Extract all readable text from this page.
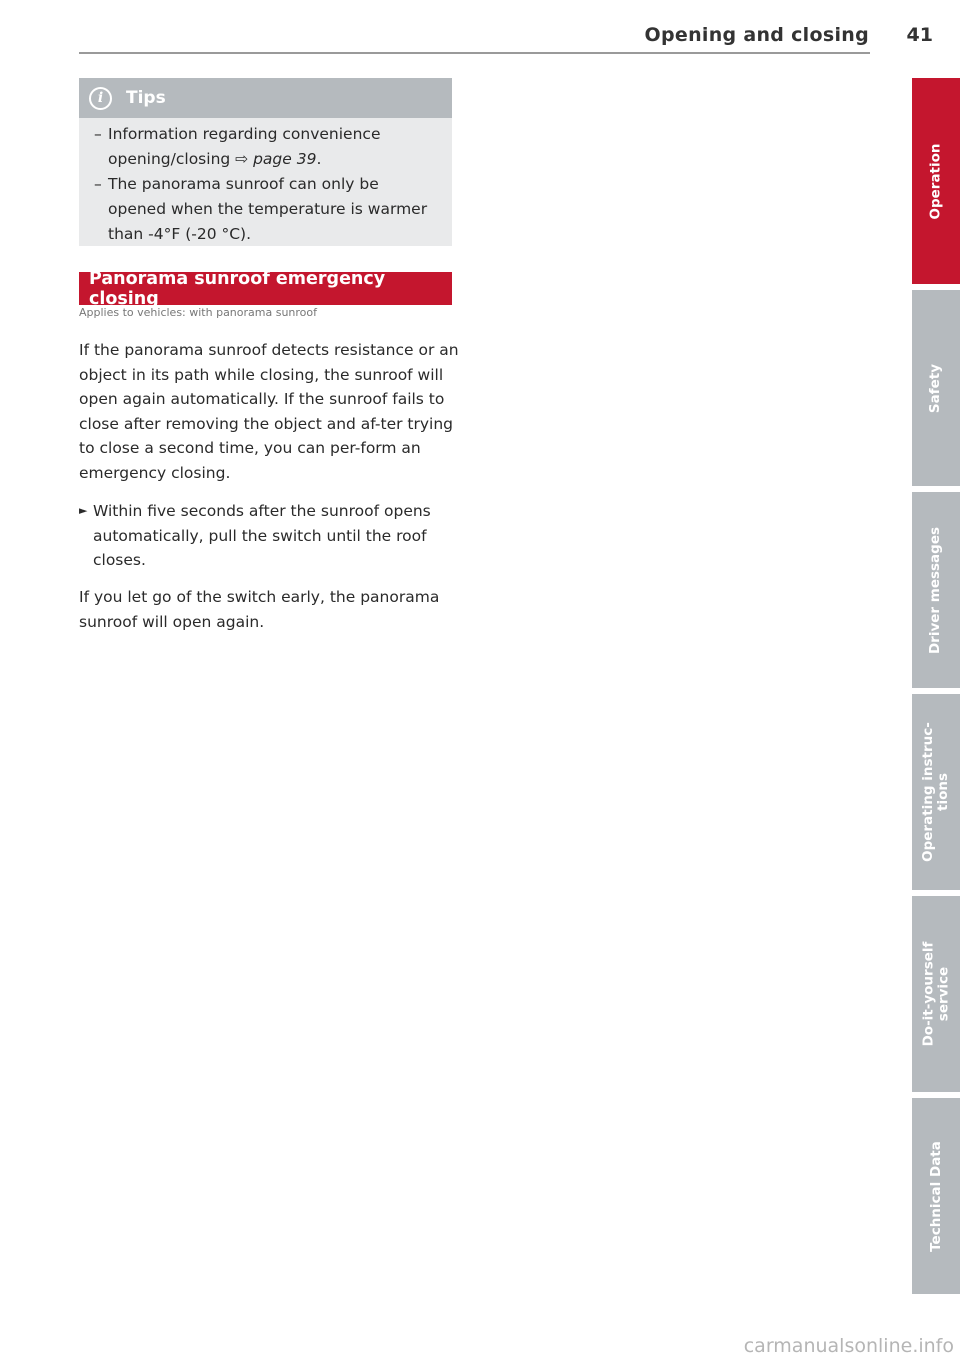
Opening and closing 41
i	Tips
– Information regarding convenience opening/closing ⇨ page 39.
– The panorama sunroof can only be opened when the temperature is warmer than -4°F (-20 °C).
Panorama sunroof emergency closing
Applies to vehicles: with panorama sunroof
If the panorama sunroof detects resistance or an object in its path while closing, the sunroof will open again automatically. If the sunroof fails to close after removing the object and af-ter trying to close a second time, you can per-form an emergency closing.
► Within five seconds after the sunroof opens automatically, pull the switch until the roof closes.
If you let go of the switch early, the panorama sunroof will open again.
Operation
Safety
Driver messages
Operating instruc-
tions
Do-it-yourself
service
Technical Data
carmanualsonline.info
